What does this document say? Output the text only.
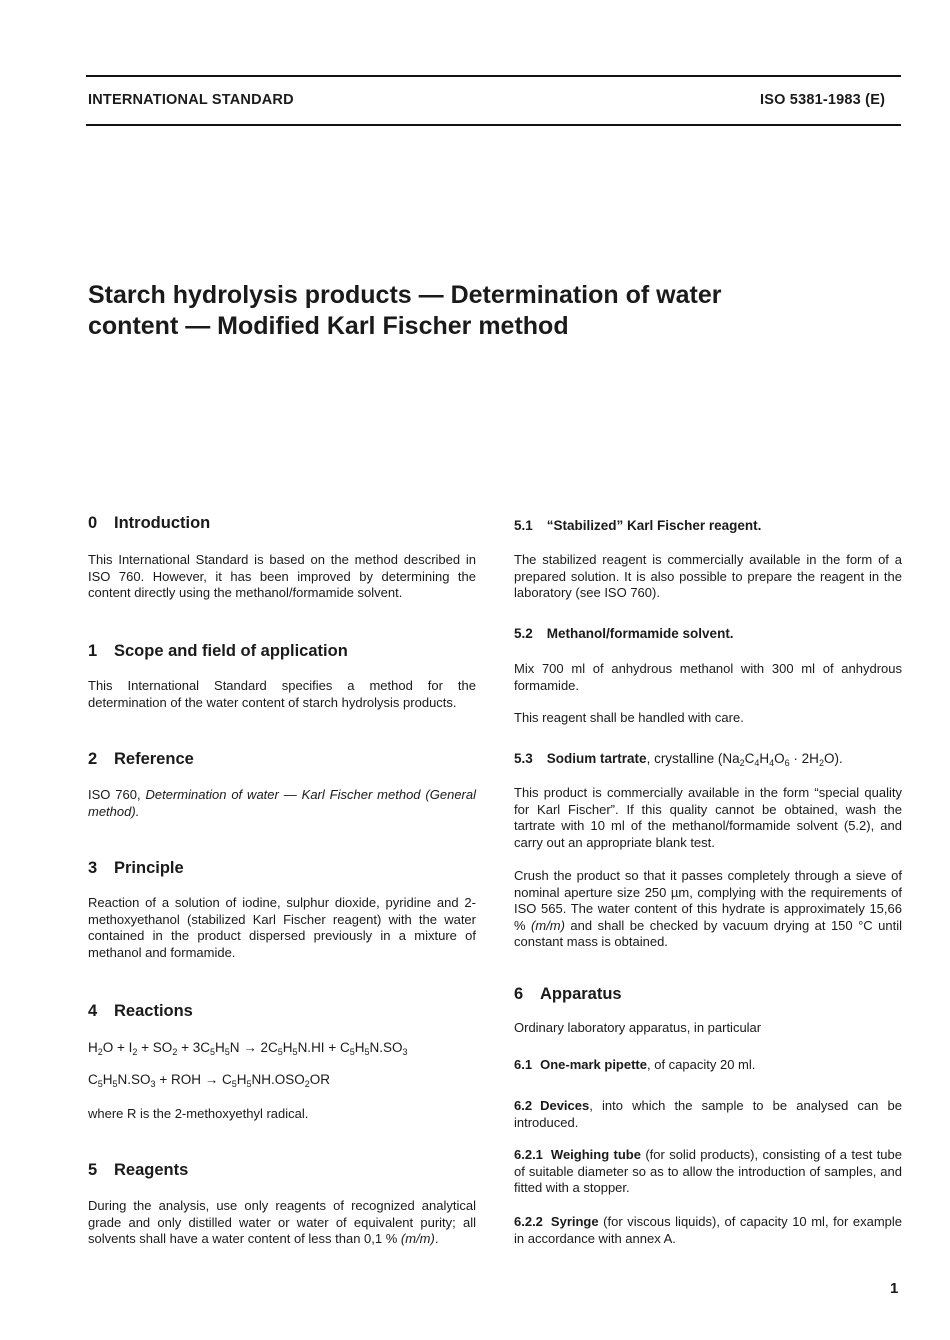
INTERNATIONAL STANDARD	ISO 5381-1983 (E)
Starch hydrolysis products — Determination of water
content — Modified Karl Fischer method
0 Introduction
This International Standard is based on the method described in ISO 760. However, it has been improved by determining the content directly using the methanol/formamide solvent.
1 Scope and field of application
This International Standard specifies a method for the determination of the water content of starch hydrolysis products.
2 Reference
ISO 760, Determination of water — Karl Fischer method (General method).
3 Principle
Reaction of a solution of iodine, sulphur dioxide, pyridine and 2-methoxyethanol (stabilized Karl Fischer reagent) with the water contained in the product dispersed previously in a mixture of methanol and formamide.
4 Reactions
$H_2O + I_2 + SO_2 + 3C_5H_5N \to 2C_5H_5N.HI + C_5H_5N.SO_3$
$C_5H_5N.SO_3$ + ROH → $C_5H_5NH.OSO_2OR$
where R is the 2-methoxyethyl radical.
5 Reagents
During the analysis, use only reagents of recognized analytical grade and only distilled water or water of equivalent purity; all solvents shall have a water content of less than 0,1 % (m/m).
5.1 “Stabilized” Karl Fischer reagent.
The stabilized reagent is commercially available in the form of a prepared solution. It is also possible to prepare the reagent in the laboratory (see ISO 760).
5.2 Methanol/formamide solvent.
Mix 700 ml of anhydrous methanol with 300 ml of anhydrous formamide.
This reagent shall be handled with care.
5.3 Sodium tartrate, crystalline $(Na_2C_4H_4O_6 \cdot 2H_2O)$.
This product is commercially available in the form “special quality for Karl Fischer”. If this quality cannot be obtained, wash the tartrate with 10 ml of the methanol/formamide solvent (5.2), and carry out an appropriate blank test.
Crush the product so that it passes completely through a sieve of nominal aperture size 250 µm, complying with the requirements of ISO 565. The water content of this hydrate is approximately 15,66 % (m/m) and shall be checked by vacuum drying at 150 °C until constant mass is obtained.
6 Apparatus
Ordinary laboratory apparatus, in particular
6.1 One-mark pipette, of capacity 20 ml.
6.2 Devices, into which the sample to be analysed can be introduced.
6.2.1 Weighing tube (for solid products), consisting of a test tube of suitable diameter so as to allow the introduction of samples, and fitted with a stopper.
6.2.2 Syringe (for viscous liquids), of capacity 10 ml, for example in accordance with annex A.
1
